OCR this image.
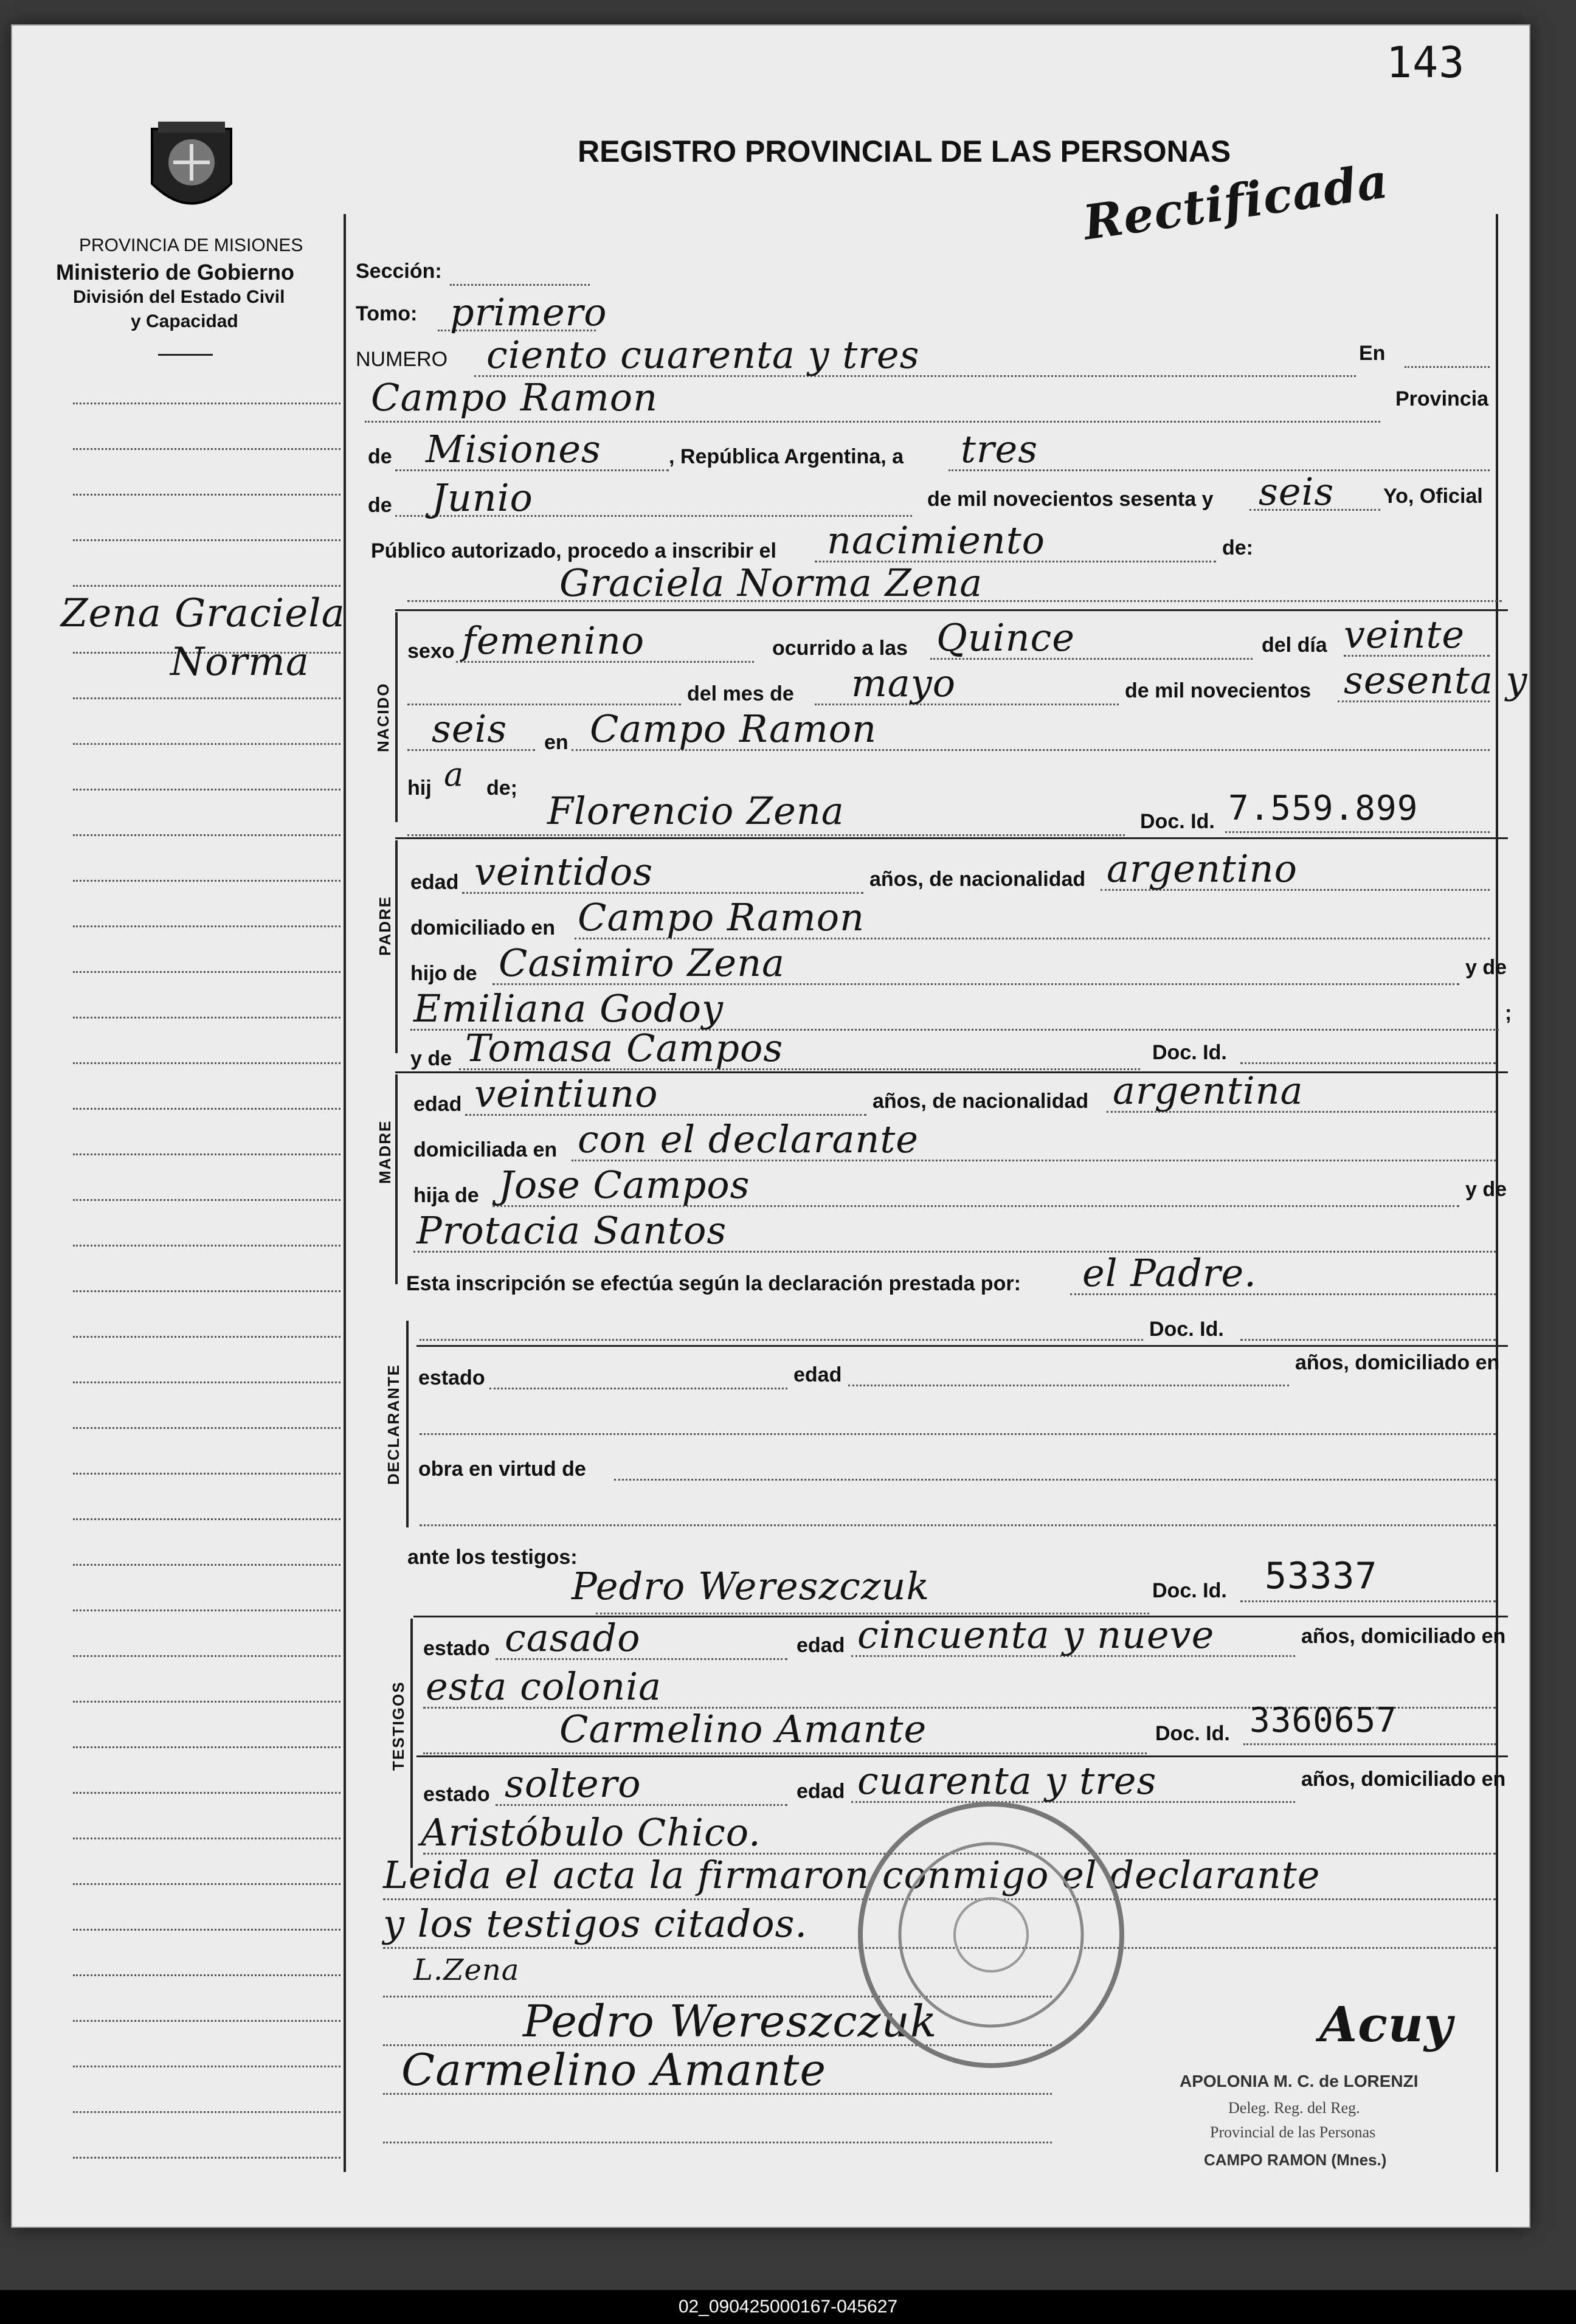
143
PROVINCIA DE MISIONES
Ministerio de Gobierno
División del Estado Civil
y Capacidad
REGISTRO PROVINCIAL DE LAS PERSONAS
Rectificada
Zena Graciela
Norma
Sección:
Tomo: primero
NUMERO ciento cuarenta y tres	En
Campo Ramon	Provincia
de Misiones	, República Argentina, a tres
de Junio	de mil novecientos sesenta y seis Yo, Oficial
Público autorizado, procedo a inscribir el nacimiento	de:
Graciela Norma Zena
NACIDO
sexo femenino	ocurrido a las Quince	del día veinte
del mes de mayo	de mil novecientos sesenta y
seis en Campo Ramon
hij a de;
Florencio Zena	Doc. Id. 7.559.899
PADRE
edad veintidos	años, de nacionalidad argentino
domiciliado en Campo Ramon
hijo de Casimiro Zena	y de
Emiliana Godoy	;
y de Tomasa Campos	Doc. Id.
MADRE
edad veintiuno	años, de nacionalidad argentina
domiciliada en con el declarante
hija de Jose Campos	y de
Protacia Santos
Esta inscripción se efectúa según la declaración prestada por: el Padre.
DECLARANTE
Doc. Id.
estado	edad
años, domiciliado en
obra en virtud de
ante los testigos:
Pedro Wereszczuk	Doc. Id. 53337
TESTIGOS
estado casado	edad cincuenta y nueve	años, domiciliado en
esta colonia
Carmelino Amante	Doc. Id. 3360657
estado soltero	edad cuarenta y tres	años, domiciliado en
Aristóbulo Chico.
Leida el acta la firmaron conmigo el declarante
y los testigos citados.
L.Zena
Pedro Wereszczuk
Carmelino Amante
Acuy
APOLONIA M. C. de LORENZI
Deleg. Reg. del Reg.
Provincial de las Personas
CAMPO RAMON (Mnes.)
02_090425000167-045627
